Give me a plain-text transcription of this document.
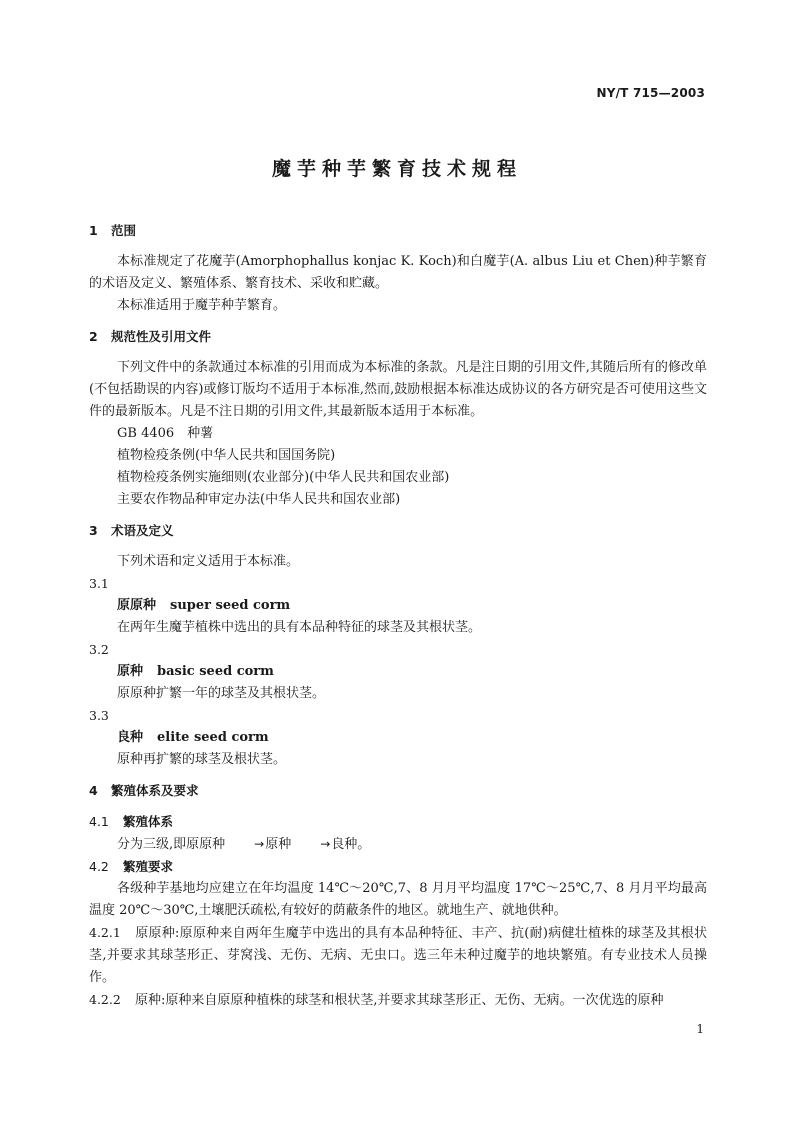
NY/T 715—2003
魔芋种芋繁育技术规程
1 范围

本标准规定了花魔芋(Amorphophallus konjac K. Koch)和白魔芋(A. albus Liu et Chen)种芋繁育的术语及定义、繁殖体系、繁育技术、采收和贮藏。

本标准适用于魔芋种芋繁育。

2 规范性及引用文件

下列文件中的条款通过本标准的引用而成为本标准的条款。凡是注日期的引用文件,其随后所有的修改单(不包括勘误的内容)或修订版均不适用于本标准,然而,鼓励根据本标准达成协议的各方研究是否可使用这些文件的最新版本。凡是不注日期的引用文件,其最新版本适用于本标准。

GB 4406　种薯

植物检疫条例(中华人民共和国国务院)

植物检疫条例实施细则(农业部分)(中华人民共和国农业部)

主要农作物品种审定办法(中华人民共和国农业部)

3 术语及定义

下列术语和定义适用于本标准。

3.1

原原种 super seed corm

在两年生魔芋植株中选出的具有本品种特征的球茎及其根状茎。

3.2

原种 basic seed corm

原原种扩繁一年的球茎及其根状茎。

3.3

良种 elite seed corm

原种再扩繁的球茎及根状茎。

4 繁殖体系及要求
4.1 繁殖体系

分为三级,即原原种 →原种 →良种。

4.2 繁殖要求

各级种芋基地均应建立在年均温度 14℃～20℃,7、8 月月平均温度 17℃～25℃,7、8 月月平均最高温度 20℃～30℃,土壤肥沃疏松,有较好的荫蔽条件的地区。就地生产、就地供种。

4.2.1 原原种:原原种来自两年生魔芋中选出的具有本品种特征、丰产、抗(耐)病健壮植株的球茎及其根状茎,并要求其球茎形正、芽窝浅、无伤、无病、无虫口。选三年未种过魔芋的地块繁殖。有专业技术人员操作。

4.2.2 原种:原种来自原原种植株的球茎和根状茎,并要求其球茎形正、无伤、无病。一次优选的原种

1
